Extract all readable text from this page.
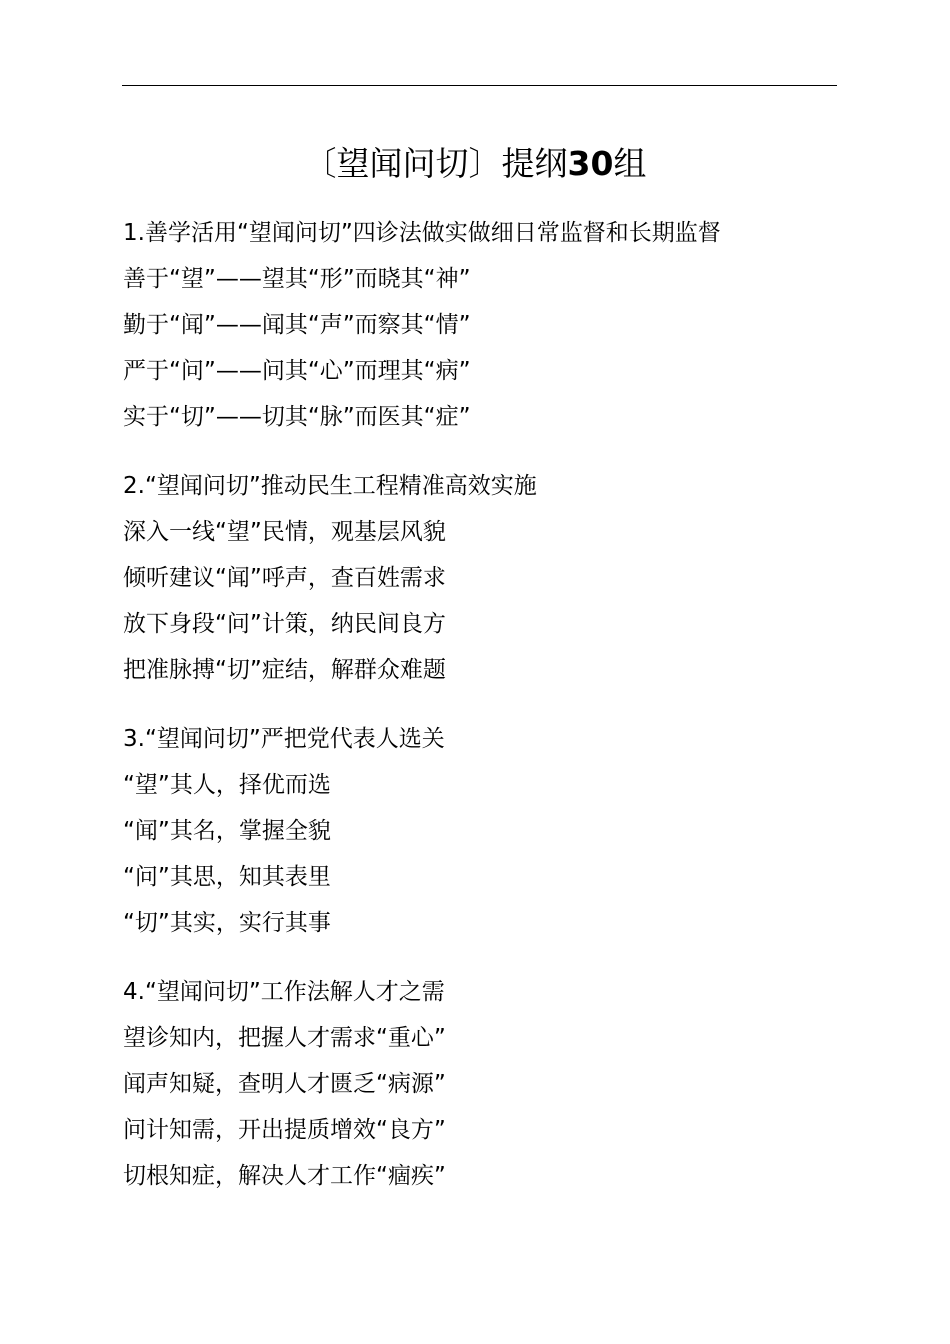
〔望闻问切〕提纲30组

1.善学活用“望闻问切”四诊法做实做细日常监督和长期监督

善于“望”——望其“形”而晓其“神”

勤于“闻”——闻其“声”而察其“情”

严于“问”——问其“心”而理其“病”

实于“切”——切其“脉”而医其“症”

2.“望闻问切”推动民生工程精准高效实施

深入一线“望”民情，观基层风貌

倾听建议“闻”呼声，查百姓需求

放下身段“问”计策，纳民间良方

把准脉搏“切”症结，解群众难题

3.“望闻问切”严把党代表人选关

“望”其人，择优而选

“闻”其名，掌握全貌

“问”其思，知其表里

“切”其实，实行其事

4.“望闻问切”工作法解人才之需

望诊知内，把握人才需求“重心”

闻声知疑，查明人才匮乏“病源”

问计知需，开出提质增效“良方”

切根知症，解决人才工作“痼疾”
